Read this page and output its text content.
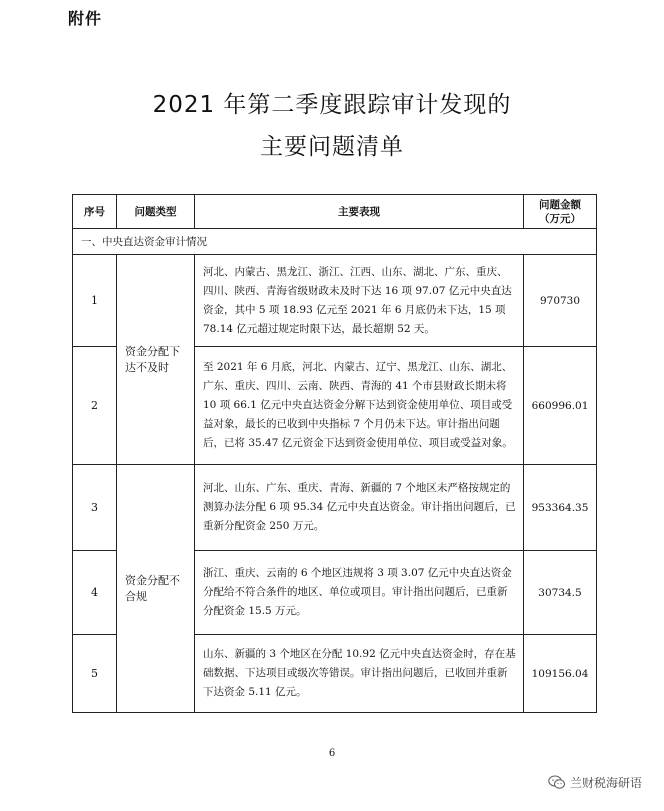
附件
2021 年第二季度跟踪审计发现的
主要问题清单
序号	问题类型	主要表现	问题金额
（万元）

一、中央直达资金审计情况			
1	资金分配下达不及时	河北、内蒙古、黑龙江、浙江、江西、山东、湖北、广东、重庆、四川、陕西、青海省级财政未及时下达 16 项 97.07 亿元中央直达资金，其中 5 项 18.93 亿元至 2021 年 6 月底仍未下达，15 项 78.14 亿元超过规定时限下达，最长超期 52 天。	970730
2		至 2021 年 6 月底，河北、内蒙古、辽宁、黑龙江、山东、湖北、广东、重庆、四川、云南、陕西、青海的 41 个市县财政长期未将 10 项 66.1 亿元中央直达资金分解下达到资金使用单位、项目或受益对象，最长的已收到中央指标 7 个月仍未下达。审计指出问题后，已将 35.47 亿元资金下达到资金使用单位、项目或受益对象。	660996.01
3	资金分配不合规	河北、山东、广东、重庆、青海、新疆的 7 个地区未严格按规定的测算办法分配 6 项 95.34 亿元中央直达资金。审计指出问题后，已重新分配资金 250 万元。	953364.35
4		浙江、重庆、云南的 6 个地区违规将 3 项 3.07 亿元中央直达资金分配给不符合条件的地区、单位或项目。审计指出问题后，已重新分配资金 15.5 万元。	30734.5
5		山东、新疆的 3 个地区在分配 10.92 亿元中央直达资金时，存在基础数据、下达项目或级次等错误。审计指出问题后，已收回并重新下达资金 5.11 亿元。	109156.04
6
兰财税海研语
